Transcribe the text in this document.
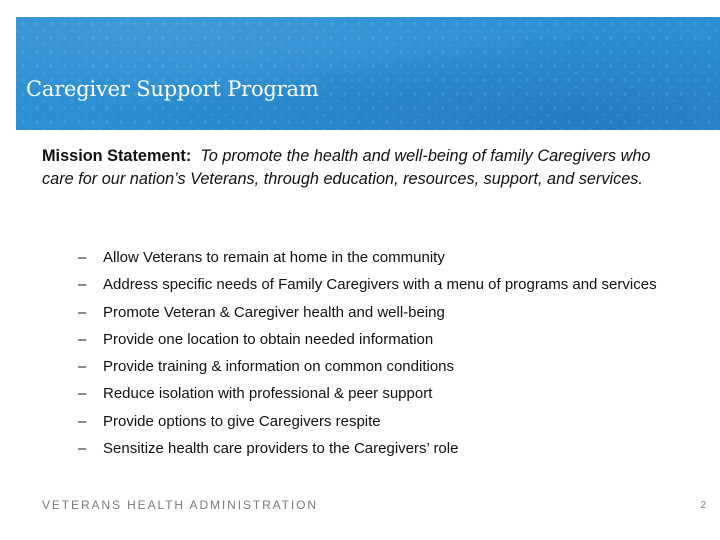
Caregiver Support Program

Mission Statement: To promote the health and well-being of family Caregivers who care for our nation’s Veterans, through education, resources, support, and services.

– Allow Veterans to remain at home in the community
– Address specific needs of Family Caregivers with a menu of programs and services
– Promote Veteran & Caregiver health and well-being
– Provide one location to obtain needed information
– Provide training & information on common conditions
– Reduce isolation with professional & peer support
– Provide options to give Caregivers respite
– Sensitize health care providers to the Caregivers’ role

VETERANS HEALTH ADMINISTRATION	2
